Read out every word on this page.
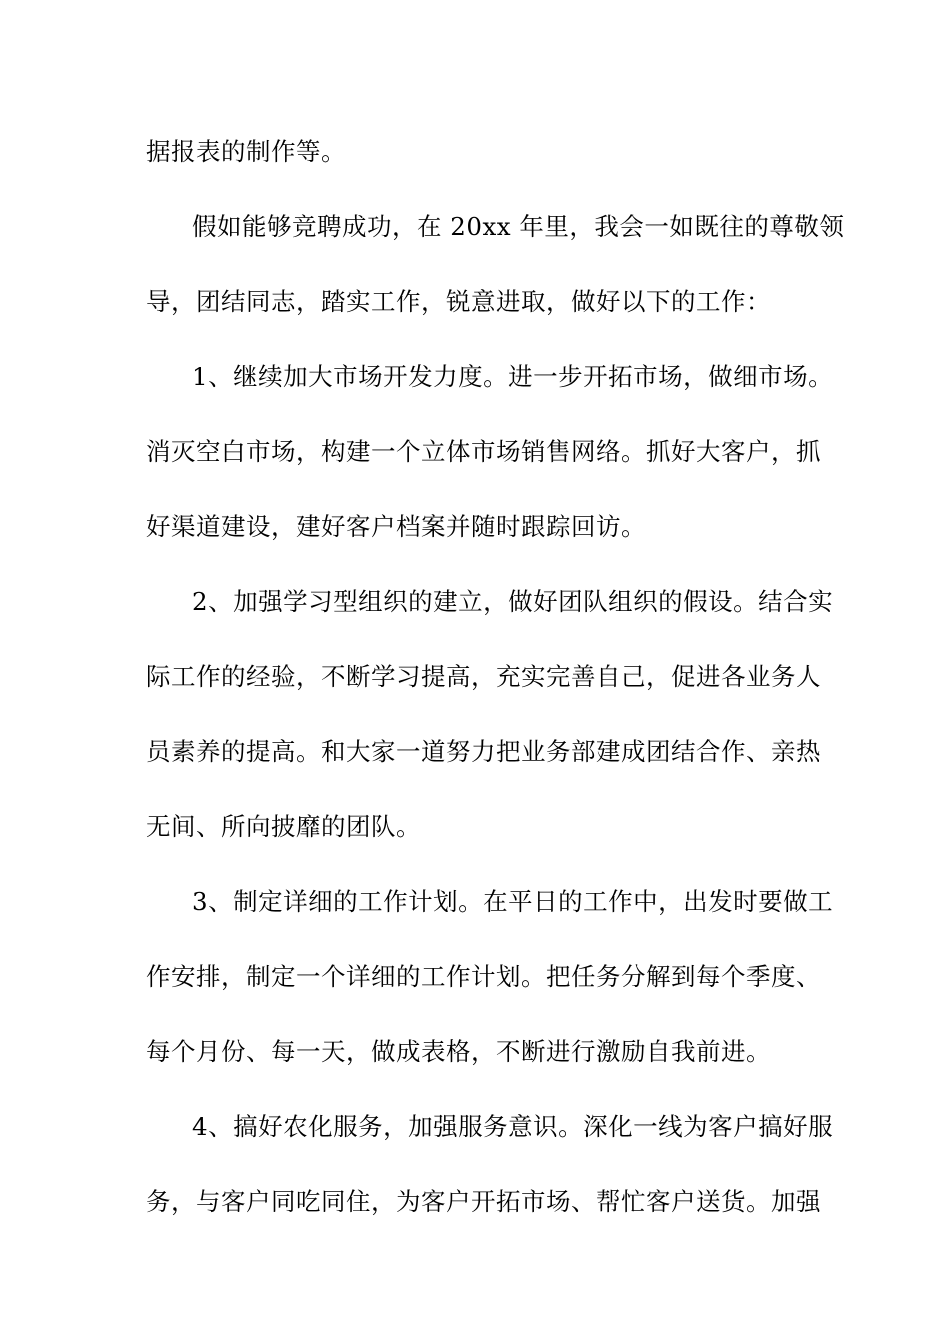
据报表的制作等。
假如能够竞聘成功，在 20xx 年里，我会一如既往的尊敬领
导，团结同志，踏实工作，锐意进取，做好以下的工作：
1、继续加大市场开发力度。进一步开拓市场，做细市场。
消灭空白市场，构建一个立体市场销售网络。抓好大客户，抓
好渠道建设，建好客户档案并随时跟踪回访。
2、加强学习型组织的建立，做好团队组织的假设。结合实
际工作的经验，不断学习提高，充实完善自己，促进各业务人
员素养的提高。和大家一道努力把业务部建成团结合作、亲热
无间、所向披靡的团队。
3、制定详细的工作计划。在平日的工作中，出发时要做工
作安排，制定一个详细的工作计划。把任务分解到每个季度、
每个月份、每一天，做成表格，不断进行激励自我前进。
4、搞好农化服务，加强服务意识。深化一线为客户搞好服
务，与客户同吃同住，为客户开拓市场、帮忙客户送货。加强
